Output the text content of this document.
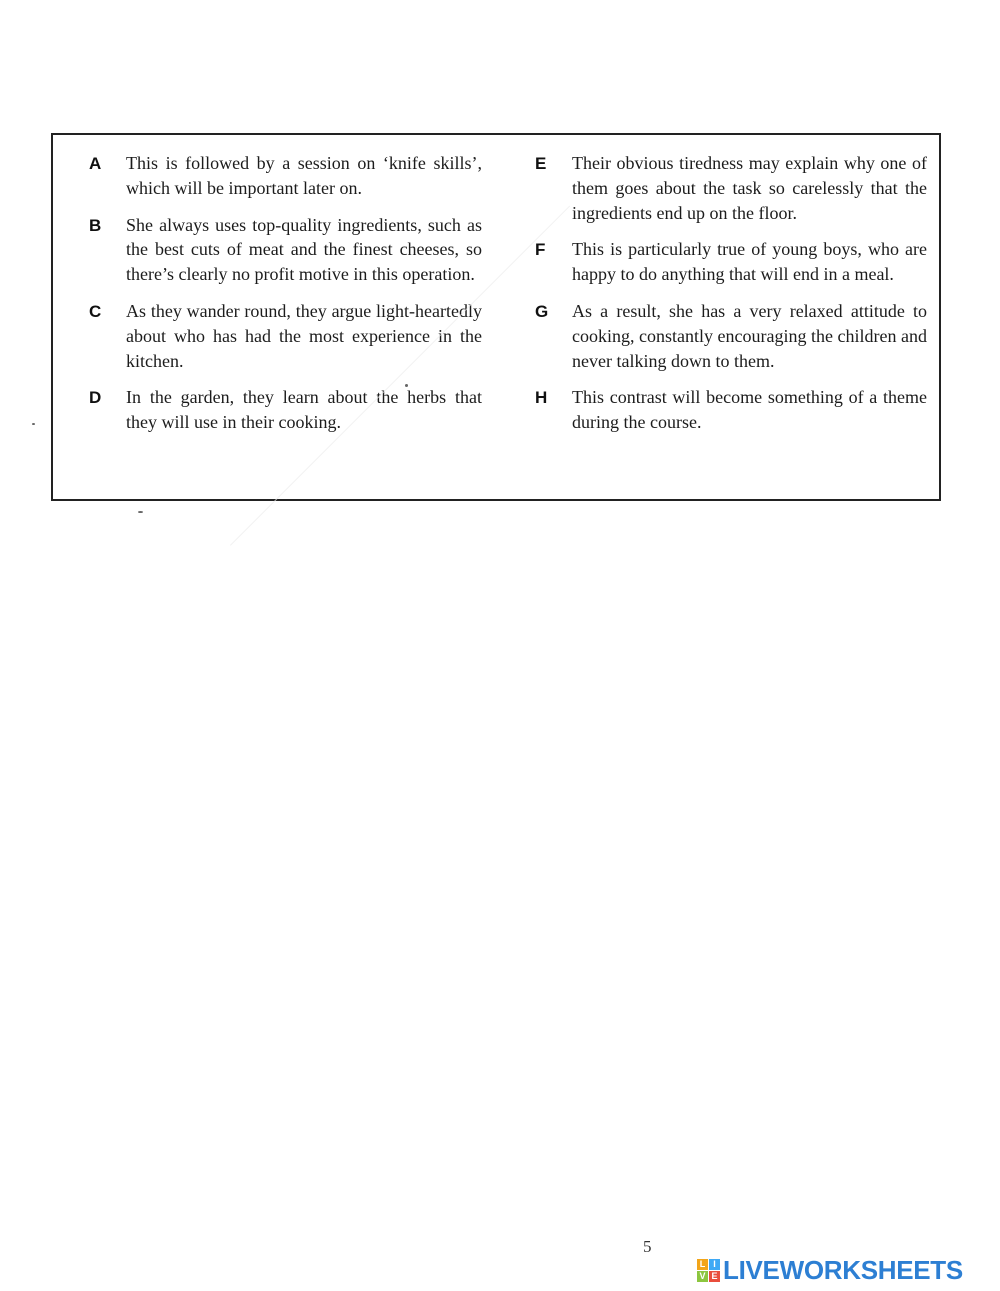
A	This is followed by a session on ‘knife skills’, which will be important later on.
B	She always uses top-quality ingredients, such as the best cuts of meat and the finest cheeses, so there’s clearly no profit motive in this operation.
C	As they wander round, they argue light-heartedly about who has had the most experience in the kitchen.
D	In the garden, they learn about the herbs that they will use in their cooking.
E	Their obvious tiredness may explain why one of them goes about the task so carelessly that the ingredients end up on the floor.
F	This is particularly true of young boys, who are happy to do anything that will end in a meal.
G	As a result, she has a very relaxed attitude to cooking, constantly encouraging the children and never talking down to them.
H	This contrast will become something of a theme during the course.
5
L I
V E LIVEWORKSHEETS
